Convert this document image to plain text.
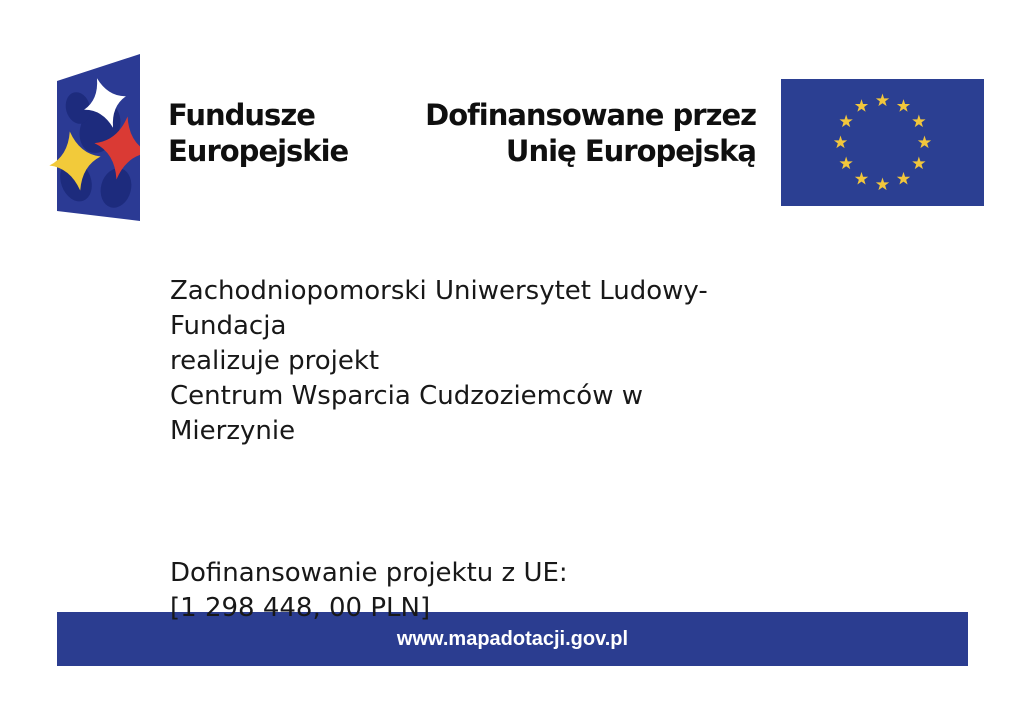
Fundusze
Europejskie
Dofinansowane przez
Unię Europejską
Zachodniopomorski Uniwersytet Ludowy-
Fundacja
realizuje projekt
Centrum Wsparcia Cudzoziemców w
Mierzynie
Dofinansowanie projektu z UE:
[1 298 448, 00 PLN]
www.mapadotacji.gov.pl
